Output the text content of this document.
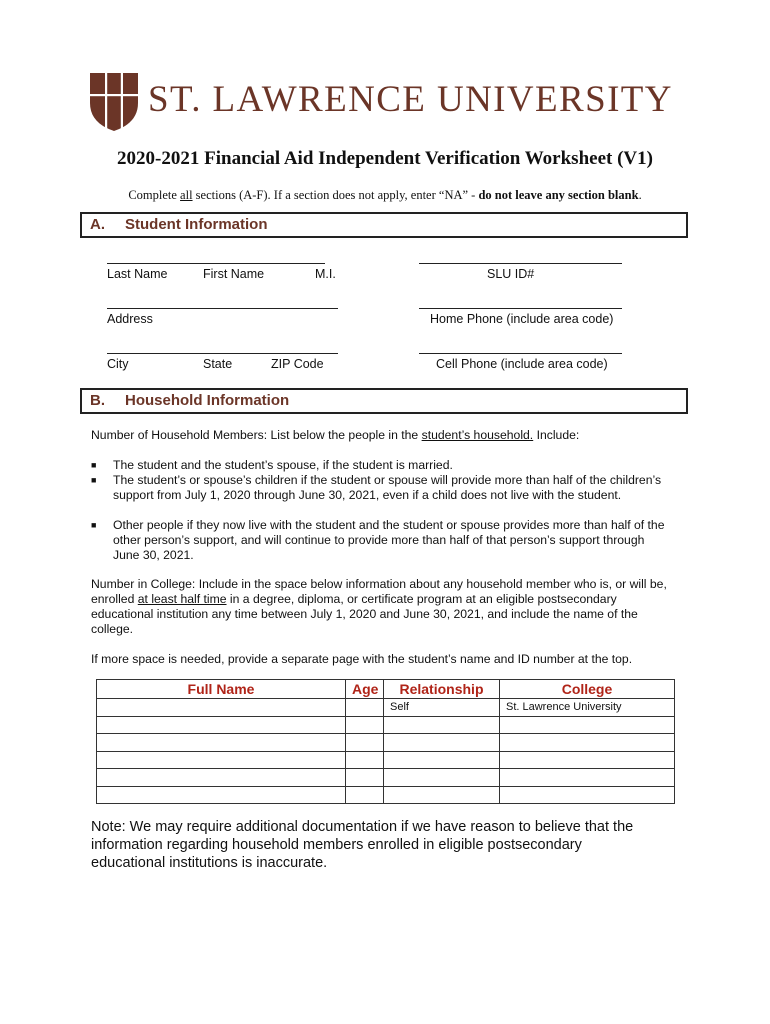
ST. LAWRENCE UNIVERSITY
2020-2021 Financial Aid Independent Verification Worksheet (V1)
Complete all sections (A-F). If a section does not apply, enter “NA” - do not leave any section blank.
A. Student Information
Last Name	First Name	M.I.	SLU ID#
Address	Home Phone (include area code)
City	State	ZIP Code	Cell Phone (include area code)
B. Household Information
Number of Household Members: List below the people in the student’s household. Include:
■ The student and the student’s spouse, if the student is married.
■ The student’s or spouse’s children if the student or spouse will provide more than half of the children’s support from July 1, 2020 through June 30, 2021, even if a child does not live with the student.
■ Other people if they now live with the student and the student or spouse provides more than half of the other person’s support, and will continue to provide more than half of that person’s support through June 30, 2021.
Number in College: Include in the space below information about any household member who is, or will be, enrolled at least half time in a degree, diploma, or certificate program at an eligible postsecondary educational institution any time between July 1, 2020 and June 30, 2021, and include the name of the college.
If more space is needed, provide a separate page with the student’s name and ID number at the top.
Full Name	Age	Relationship	College
		Self	St. Lawrence University

Note: We may require additional documentation if we have reason to believe that the information regarding household members enrolled in eligible postsecondary educational institutions is inaccurate.
